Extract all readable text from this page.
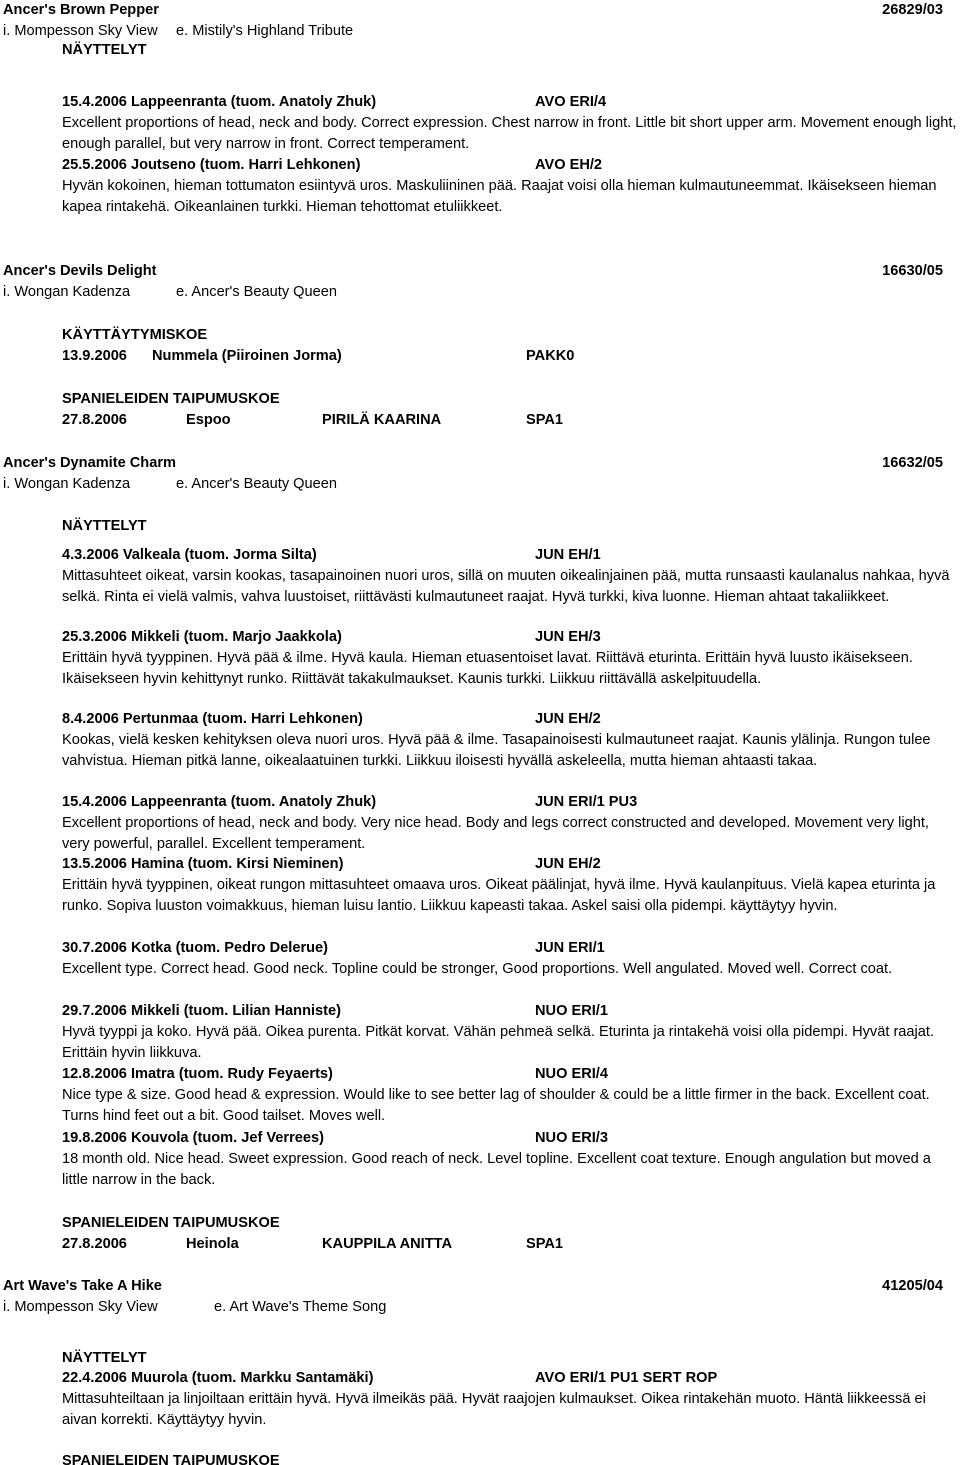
Ancer's Brown Pepper	26829/03
i. Mompesson Sky View e. Mistily's Highland Tribute
NÄYTTELYT
15.4.2006 Lappeenranta (tuom. Anatoly Zhuk)	AVO ERI/4
Excellent proportions of head, neck and body. Correct expression. Chest narrow in front. Little bit short upper arm. Movement enough light, enough parallel, but very narrow in front. Correct temperament.
25.5.2006 Joutseno (tuom. Harri Lehkonen)	AVO EH/2
Hyvän kokoinen, hieman tottumaton esiintyvä uros. Maskuliininen pää. Raajat voisi olla hieman kulmautuneemmat. Ikäisekseen hieman kapea rintakehä. Oikeanlainen turkki. Hieman tehottomat etuliikkeet.
Ancer's Devils Delight	16630/05
i. Wongan Kadenza	e. Ancer's Beauty Queen
KÄYTTÄYTYMISKOE
13.9.2006 Nummela (Piiroinen Jorma)	PAKK0
SPANIELEIDEN TAIPUMUSKOE
27.8.2006	Espoo	PIRILÄ KAARINA	SPA1
Ancer's Dynamite Charm	16632/05
i. Wongan Kadenza	e. Ancer's Beauty Queen
NÄYTTELYT
4.3.2006 Valkeala (tuom. Jorma Silta)	JUN EH/1
Mittasuhteet oikeat, varsin kookas, tasapainoinen nuori uros, sillä on muuten oikealinjainen pää, mutta runsaasti kaulanalus nahkaa, hyvä selkä. Rinta ei vielä valmis, vahva luustoiset, riittävästi kulmautuneet raajat. Hyvä turkki, kiva luonne. Hieman ahtaat takaliikkeet.
25.3.2006 Mikkeli (tuom. Marjo Jaakkola)	JUN EH/3
Erittäin hyvä tyyppinen. Hyvä pää & ilme. Hyvä kaula. Hieman etuasentoiset lavat. Riittävä eturinta. Erittäin hyvä luusto ikäisekseen. Ikäisekseen hyvin kehittynyt runko. Riittävät takakulmaukset. Kaunis turkki. Liikkuu riittävällä askelpituudella.
8.4.2006 Pertunmaa (tuom. Harri Lehkonen)	JUN EH/2
Kookas, vielä kesken kehityksen oleva nuori uros. Hyvä pää & ilme. Tasapainoisesti kulmautuneet raajat. Kaunis ylälinja. Rungon tulee vahvistua. Hieman pitkä lanne, oikealaatuinen turkki. Liikkuu iloisesti hyvällä askeleella, mutta hieman ahtaasti takaa.
15.4.2006 Lappeenranta (tuom. Anatoly Zhuk)	JUN ERI/1 PU3
Excellent proportions of head, neck and body. Very nice head. Body and legs correct constructed and developed. Movement very light, very powerful, parallel. Excellent temperament.
13.5.2006 Hamina (tuom. Kirsi Nieminen)	JUN EH/2
Erittäin hyvä tyyppinen, oikeat rungon mittasuhteet omaava uros. Oikeat päälinjat, hyvä ilme. Hyvä kaulanpituus. Vielä kapea eturinta ja runko. Sopiva luuston voimakkuus, hieman luisu lantio. Liikkuu kapeasti takaa. Askel saisi olla pidempi. käyttäytyy hyvin.
30.7.2006 Kotka (tuom. Pedro Delerue)	JUN ERI/1
Excellent type. Correct head. Good neck. Topline could be stronger, Good proportions. Well angulated. Moved well. Correct coat.
29.7.2006 Mikkeli (tuom. Lilian Hanniste)	NUO ERI/1
Hyvä tyyppi ja koko. Hyvä pää. Oikea purenta. Pitkät korvat. Vähän pehmeä selkä. Eturinta ja rintakehä voisi olla pidempi. Hyvät raajat. Erittäin hyvin liikkuva.
12.8.2006 Imatra (tuom. Rudy Feyaerts)	NUO ERI/4
Nice type & size. Good head & expression. Would like to see better lag of shoulder & could be a little firmer in the back. Excellent coat. Turns hind feet out a bit. Good tailset. Moves well.
19.8.2006 Kouvola (tuom. Jef Verrees)	NUO ERI/3
18 month old. Nice head. Sweet expression. Good reach of neck. Level topline. Excellent coat texture. Enough angulation but moved a little narrow in the back.
SPANIELEIDEN TAIPUMUSKOE
27.8.2006	Heinola	KAUPPILA ANITTA	SPA1
Art Wave's Take A Hike	41205/04
i. Mompesson Sky View	e. Art Wave's Theme Song
NÄYTTELYT
22.4.2006 Muurola (tuom. Markku Santamäki)	AVO ERI/1 PU1 SERT ROP
Mittasuhteiltaan ja linjoiltaan erittäin hyvä. Hyvä ilmeikäs pää. Hyvät raajojen kulmaukset. Oikea rintakehän muoto. Häntä liikkeessä ei aivan korrekti. Käyttäytyy hyvin.
SPANIELEIDEN TAIPUMUSKOE
